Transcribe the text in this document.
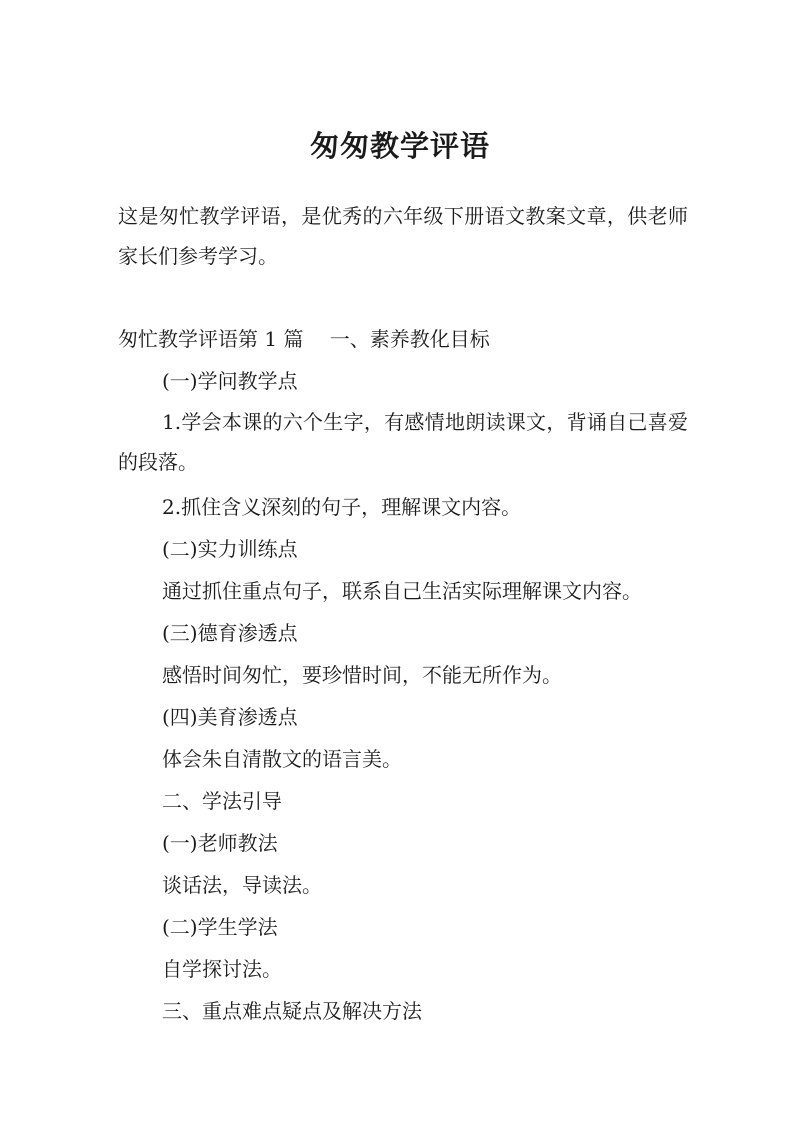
匆匆教学评语
这是匆忙教学评语，是优秀的六年级下册语文教案文章，供老师家长们参考学习。
匆忙教学评语第 1 篇　 一、素养教化目标
(一)学问教学点
1.学会本课的六个生字，有感情地朗读课文，背诵自己喜爱的段落。
2.抓住含义深刻的句子，理解课文内容。
(二)实力训练点
通过抓住重点句子，联系自己生活实际理解课文内容。
(三)德育渗透点
感悟时间匆忙，要珍惜时间，不能无所作为。
(四)美育渗透点
体会朱自清散文的语言美。
二、学法引导
(一)老师教法
谈话法，导读法。
(二)学生学法
自学探讨法。
三、重点难点疑点及解决方法
